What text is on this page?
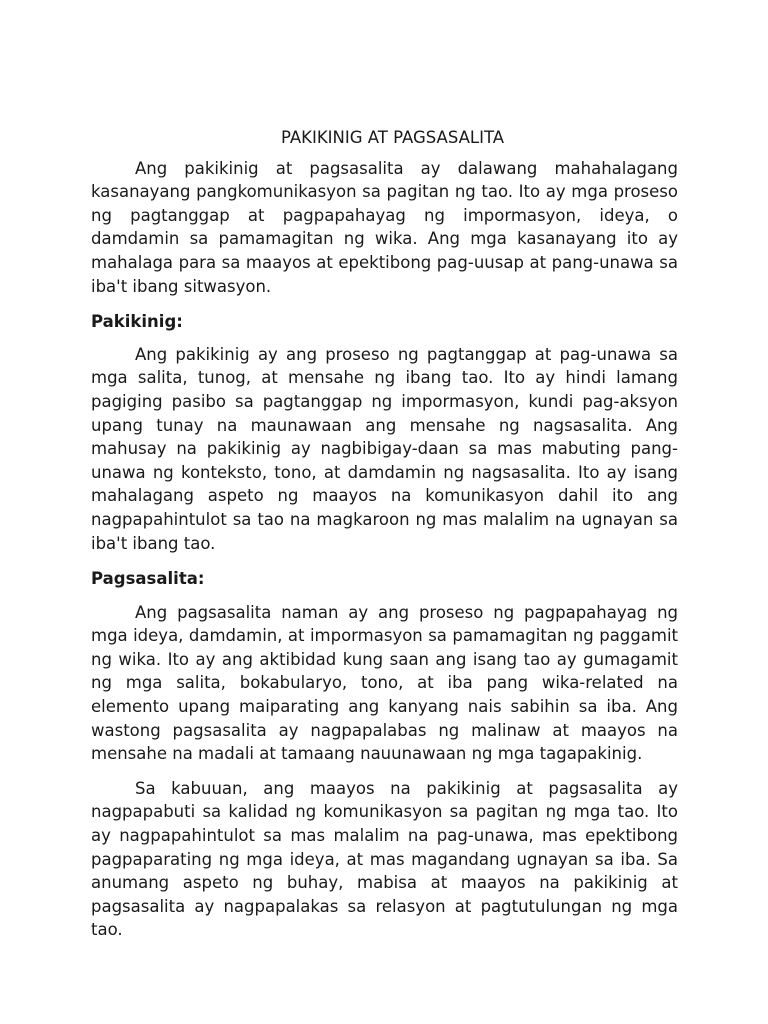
PAKIKINIG AT PAGSASALITA

Ang pakikinig at pagsasalita ay dalawang mahahalagang kasanayang pangkomunikasyon sa pagitan ng tao. Ito ay mga proseso ng pagtanggap at pagpapahayag ng impormasyon, ideya, o damdamin sa pamamagitan ng wika. Ang mga kasanayang ito ay mahalaga para sa maayos at epektibong pag-uusap at pang-unawa sa iba't ibang sitwasyon.

Pakikinig:

Ang pakikinig ay ang proseso ng pagtanggap at pag-unawa sa mga salita, tunog, at mensahe ng ibang tao. Ito ay hindi lamang pagiging pasibo sa pagtanggap ng impormasyon, kundi pag-aksyon upang tunay na maunawaan ang mensahe ng nagsasalita. Ang mahusay na pakikinig ay nagbibigay-daan sa mas mabuting pang-unawa ng konteksto, tono, at damdamin ng nagsasalita. Ito ay isang mahalagang aspeto ng maayos na komunikasyon dahil ito ang nagpapahintulot sa tao na magkaroon ng mas malalim na ugnayan sa iba't ibang tao.

Pagsasalita:

Ang pagsasalita naman ay ang proseso ng pagpapahayag ng mga ideya, damdamin, at impormasyon sa pamamagitan ng paggamit ng wika. Ito ay ang aktibidad kung saan ang isang tao ay gumagamit ng mga salita, bokabularyo, tono, at iba pang wika-related na elemento upang maiparating ang kanyang nais sabihin sa iba. Ang wastong pagsasalita ay nagpapalabas ng malinaw at maayos na mensahe na madali at tamaang nauunawaan ng mga tagapakinig.

Sa kabuuan, ang maayos na pakikinig at pagsasalita ay nagpapabuti sa kalidad ng komunikasyon sa pagitan ng mga tao. Ito ay nagpapahintulot sa mas malalim na pag-unawa, mas epektibong pagpaparating ng mga ideya, at mas magandang ugnayan sa iba. Sa anumang aspeto ng buhay, mabisa at maayos na pakikinig at pagsasalita ay nagpapalakas sa relasyon at pagtutulungan ng mga tao.
